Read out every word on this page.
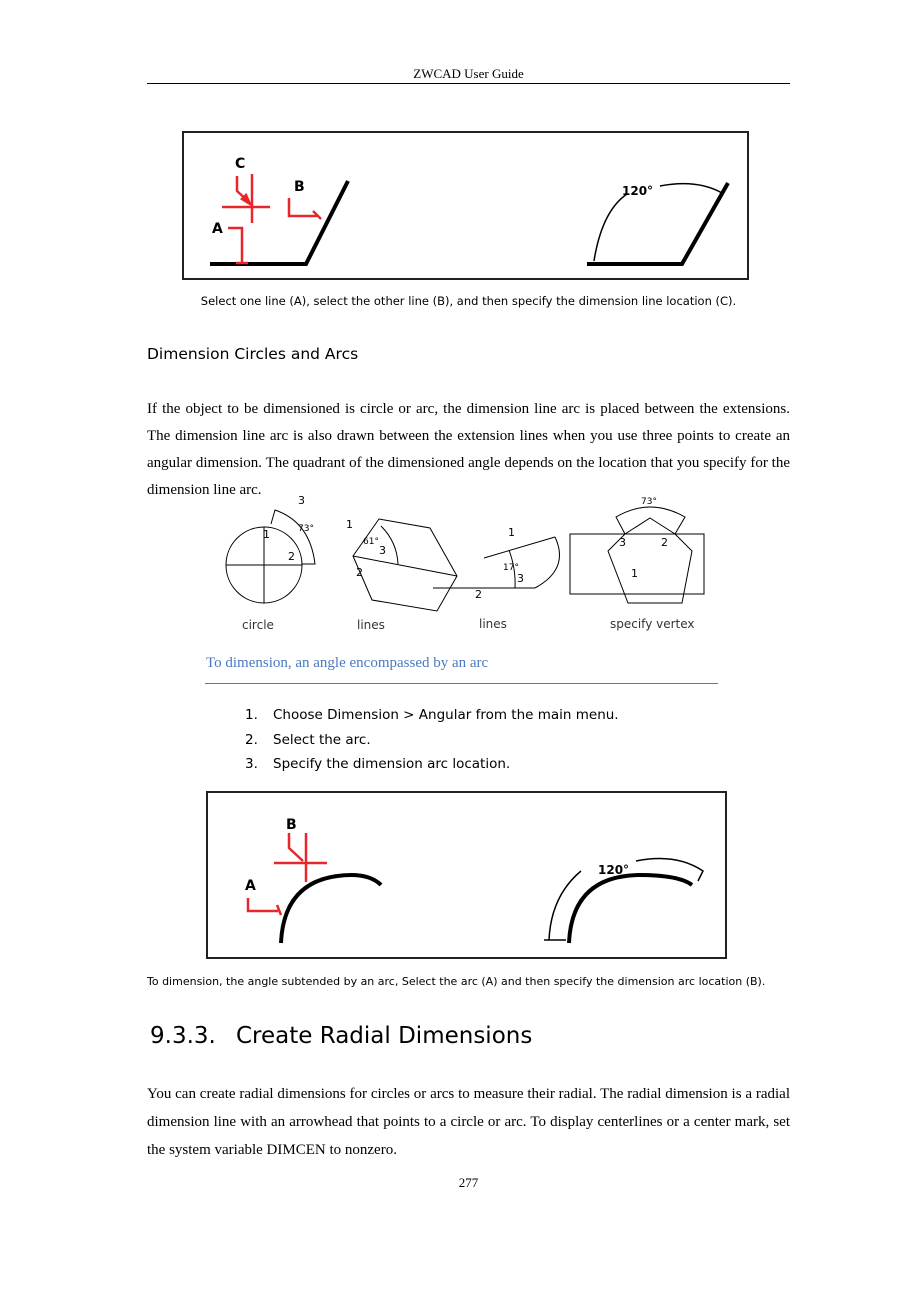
ZWCAD User Guide
A
B
C
120°
Select one line (A), select the other line (B), and then specify the dimension line location (C).
Dimension Circles and Arcs
If the object to be dimensioned is circle or arc, the dimension line arc is placed between the extensions. The dimension line arc is also drawn between the extension lines when you use three points to create an angular dimension. The quadrant of the dimensioned angle depends on the location that you specify for the dimension line arc.
1
2
3
73°	1
2
3
61°
1
2
3
17°	1
2
3
73°
circle	lines	lines	specify vertex
To dimension, an angle encompassed by an arc
1. Choose Dimension > Angular from the main menu.
2. Select the arc.
3. Specify the dimension arc location.
A
B
120°
To dimension, the angle subtended by an arc, Select the arc (A) and then specify the dimension arc location (B).
9.3.3. Create Radial Dimensions
You can create radial dimensions for circles or arcs to measure their radial. The radial dimension is a radial dimension line with an arrowhead that points to a circle or arc. To display centerlines or a center mark, set the system variable DIMCEN to nonzero.
277
